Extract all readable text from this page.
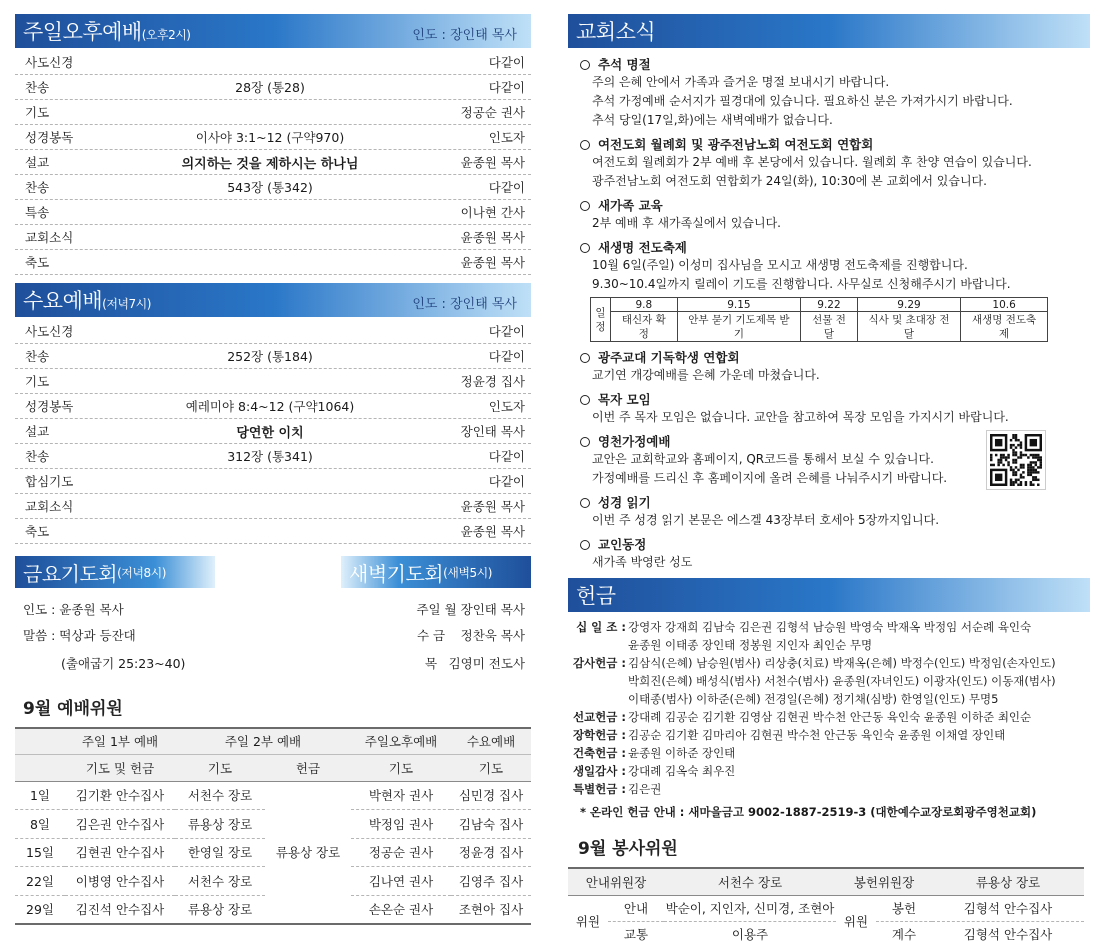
주일오후예배(오후2시)	인도 : 장인태 목사
사도신경	다같이
찬송	28장 (통28)	다같이
기도	정공순 권사
성경봉독	이사야 3:1~12 (구약970)	인도자
설교	의지하는 것을 제하시는 하나님	윤종원 목사
찬송	543장 (통342)	다같이
특송	이나현 간사
교회소식	윤종원 목사
축도	윤종원 목사
수요예배(저녁7시)	인도 : 장인태 목사
사도신경	다같이
찬송	252장 (통184)	다같이
기도	정윤경 집사
성경봉독	예레미야 8:4~12 (구약1064)	인도자
설교	당연한 이치	장인태 목사
찬송	312장 (통341)	다같이
합심기도	다같이
교회소식	윤종원 목사
축도	윤종원 목사
금요기도회 (저녁8시)	새벽기도회 (새벽5시)
인도 : 윤종원 목사
말씀 : 떡상과 등잔대
(출애굽기 25:23~40)
주일 월 장인태 목사
수 금 정찬욱 목사
목 김영미 전도사
9월 예배위원
	주일 1부 예배	주일 2부 예배		주일오후예배	수요예배
	기도 및 헌금	기도	헌금	기도	기도
1일	김기환 안수집사	서천수 장로	류용상 장로	박현자 권사	심민경 집사
8일	김은권 안수집사	류용상 장로		박정임 권사	김남숙 집사
15일	김현권 안수집사	한영일 장로		정공순 권사	정윤경 집사
22일	이병영 안수집사	서천수 장로		김나연 권사	김영주 집사
29일	김진석 안수집사	류용상 장로		손온순 권사	조현아 집사
교회소식
추석 명절
주의 은혜 안에서 가족과 즐거운 명절 보내시기 바랍니다.
추석 가정예배 순서지가 필경대에 있습니다. 필요하신 분은 가져가시기 바랍니다.
추석 당일(17일,화)에는 새벽예배가 없습니다.
여전도회 월례회 및 광주전남노회 여전도회 연합회
여전도회 월례회가 2부 예배 후 본당에서 있습니다. 월례회 후 찬양 연습이 있습니다.
광주전남노회 여전도회 연합회가 24일(화), 10:30에 본 교회에서 있습니다.
새가족 교육
2부 예배 후 새가족실에서 있습니다.
새생명 전도축제
10월 6일(주일) 이성미 집사님을 모시고 새생명 전도축제를 진행합니다.
9.30~10.4일까지 릴레이 기도를 진행합니다. 사무실로 신청해주시기 바랍니다.
일정	9.8	9.15	9.22	9.29	10.6
	태신자 확정	안부 묻기 기도제목 받기	선물 전달	식사 및 초대장 전달	새생명 전도축제
광주교대 기독학생 연합회
교기연 개강예배를 은혜 가운데 마쳤습니다.
목자 모임
이번 주 목자 모임은 없습니다. 교안을 참고하여 목장 모임을 가지시기 바랍니다.
영천가정예배
교안은 교회학교와 홈페이지, QR코드를 통해서 보실 수 있습니다.
가정예배를 드리신 후 홈페이지에 올려 은혜를 나눠주시기 바랍니다.
성경 읽기
이번 주 성경 읽기 본문은 에스겔 43장부터 호세아 5장까지입니다.
교인동정
새가족 박영란 성도
헌금
십 일 조 : 강영자 강재희 김남숙 김은권 김형석 남승원 박영숙 박재옥 박정임 서순례 육인숙
윤종원 이태종 장인태 정봉원 지인자 최인순 무명
감사헌금 : 김삼식(은혜) 남승원(범사) 리상충(치료) 박재옥(은혜) 박정수(인도) 박정임(손자인도)
박희진(은혜) 배성식(범사) 서천수(범사) 윤종원(자녀인도) 이광자(인도) 이동재(범사)
이태종(범사) 이하준(은혜) 전경일(은혜) 정기채(심방) 한영일(인도) 무명5
선교헌금 : 강대례 김공순 김기환 김영삼 김현권 박수천 안근동 육인숙 윤종원 이하준 최인순
장학헌금 : 김공순 김기환 김마리아 김현권 박수천 안근동 육인숙 윤종원 이채열 장인태
건축헌금 : 윤종원 이하준 장인태
생일감사 : 강대례 김옥숙 최우진
특별헌금 : 김은권
* 온라인 헌금 안내 : 새마을금고 9002-1887-2519-3 (대한예수교장로회광주영천교회)
9월 봉사위원
안내위원장		서천수 장로	봉헌위원장		류용상 장로
위원	안내	박순이, 지인자, 신미경, 조현아	위원	봉헌	김형석 안수집사
	교통	이용주		계수	김형석 안수집사
